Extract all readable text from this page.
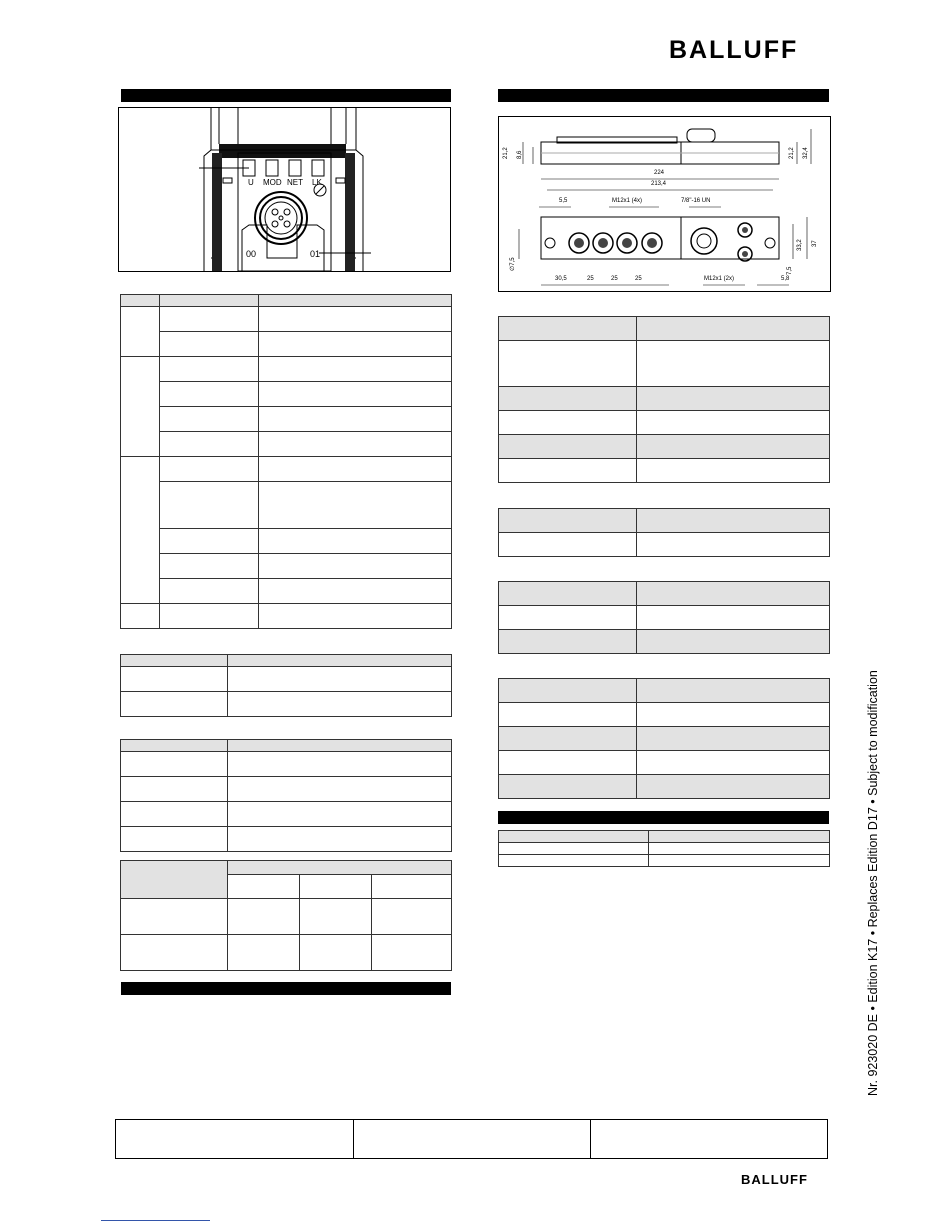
BALLUFF
BALLUFF
U MOD NET LK
00	01

21,2 8,6	21,2 32,4
224
213,4
5,5	M12x1 (4x)	7/8"-16 UN
∅7,5
33,2 37
7,5
30,5	25	25	25	M12x1 (2x)	5,8

Nr. 923020 DE • Edition K17 • Replaces Edition D17 • Subject to modification
BALLUFF
